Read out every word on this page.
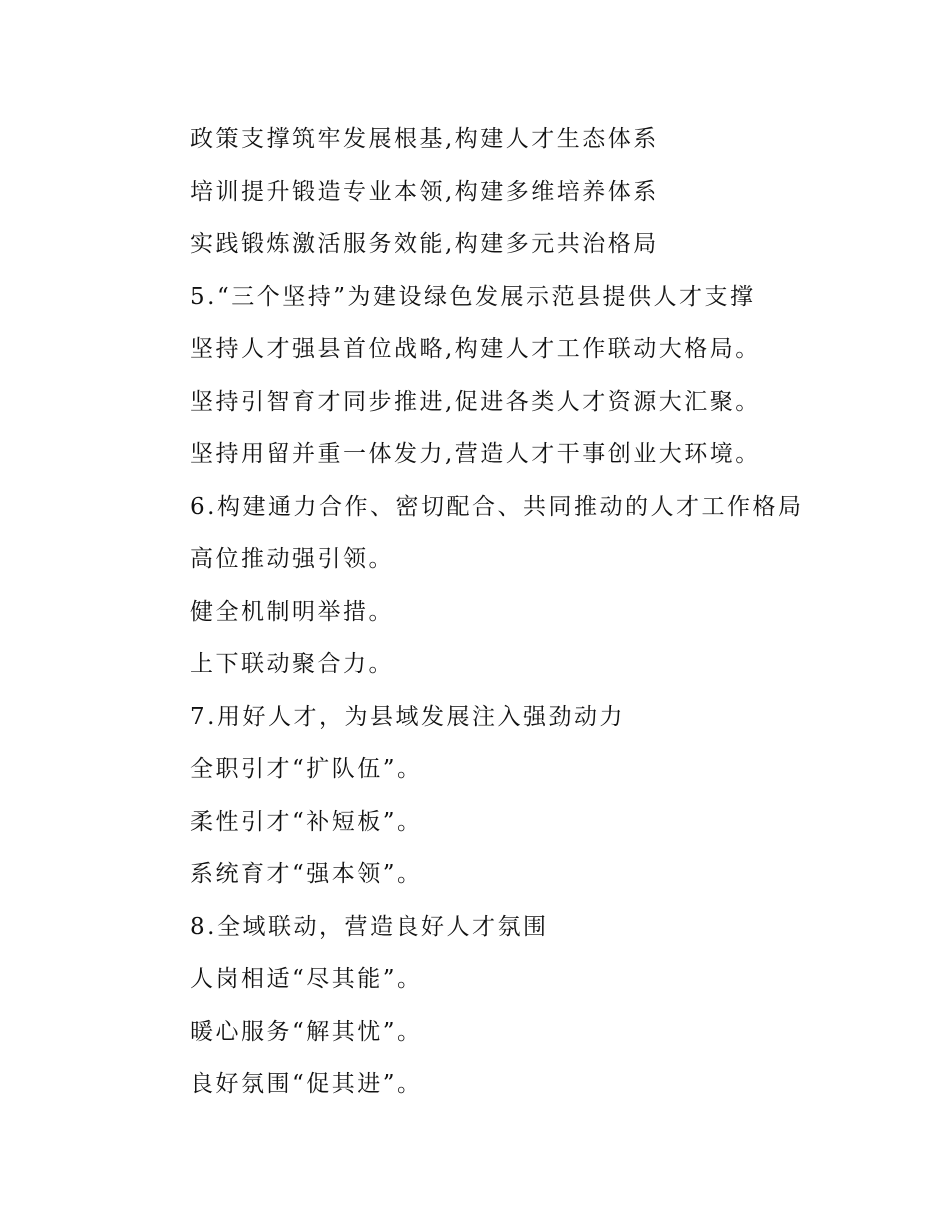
政策支撑筑牢发展根基,构建人才生态体系
培训提升锻造专业本领,构建多维培养体系
实践锻炼激活服务效能,构建多元共治格局
5.“三个坚持”为建设绿色发展示范县提供人才支撑
坚持人才强县首位战略,构建人才工作联动大格局。
坚持引智育才同步推进,促进各类人才资源大汇聚。
坚持用留并重一体发力,营造人才干事创业大环境。
6.构建通力合作、密切配合、共同推动的人才工作格局
高位推动强引领。
健全机制明举措。
上下联动聚合力。
7.用好人才，为县域发展注入强劲动力
全职引才“扩队伍”。
柔性引才“补短板”。
系统育才“强本领”。
8.全域联动，营造良好人才氛围
人岗相适“尽其能”。
暖心服务“解其忧”。
良好氛围“促其进”。
